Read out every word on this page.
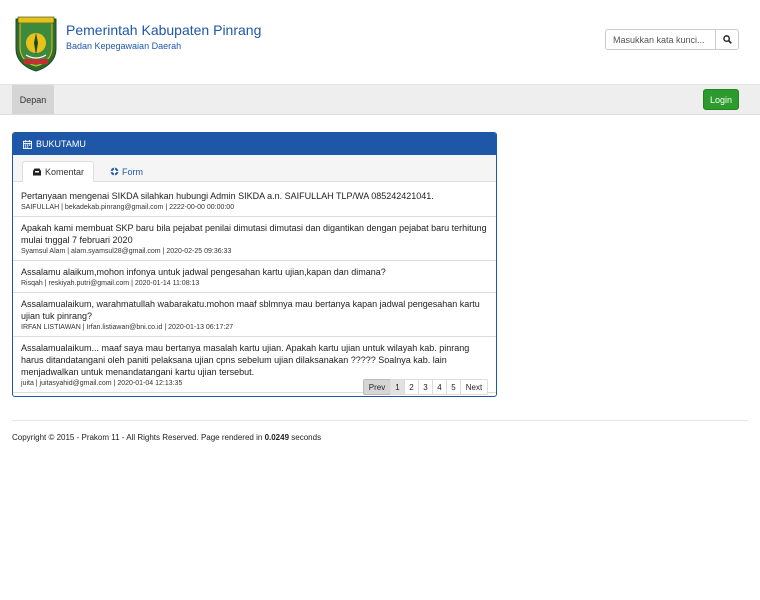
Pemerintah Kabupaten Pinrang
Badan Kepegawaian Daerah
Masukkan kata kunci...
Depan	Login
BUKUTAMU
Komentar	Form
Pertanyaan mengenai SIKDA silahkan hubungi Admin SIKDA a.n. SAIFULLAH TLP/WA 085242421041.
SAIFULLAH | bekadekab.pinrang@gmail.com | 2222-00-00 00:00:00
Apakah kami membuat SKP baru bila pejabat penilai dimutasi dimutasi dan digantikan dengan pejabat baru terhitung mulai tnggal 7 februari 2020
Syamsul Alam | alam.syamsul28@gmail.com | 2020-02-25 09:36:33
Assalamu alaikum,mohon infonya untuk jadwal pengesahan kartu ujian,kapan dan dimana?
Risqah | reskiyah.putri@gmail.com | 2020-01-14 11:08:13
Assalamualaikum, warahmatullah wabarakatu.mohon maaf sblmnya mau bertanya kapan jadwal pengesahan kartu ujian tuk pinrang?
IRFAN LISTIAWAN | Irfan.listiawan@bni.co.id | 2020-01-13 06:17:27
Assalamualaikum... maaf saya mau bertanya masalah kartu ujian. Apakah kartu ujian untuk wilayah kab. pinrang harus ditandatangani oleh paniti pelaksana ujian cpns sebelum ujian dilaksanakan ????? Soalnya kab. lain menjadwalkan untuk menandatangani kartu ujian tersebut.
juita | juitasyahid@gmail.com | 2020-01-04 12:13:35	Prev	1	2	3	4	5	Next
Copyright © 2015 - Prakom 11 - All Rights Reserved. Page rendered in 0.0249 seconds
